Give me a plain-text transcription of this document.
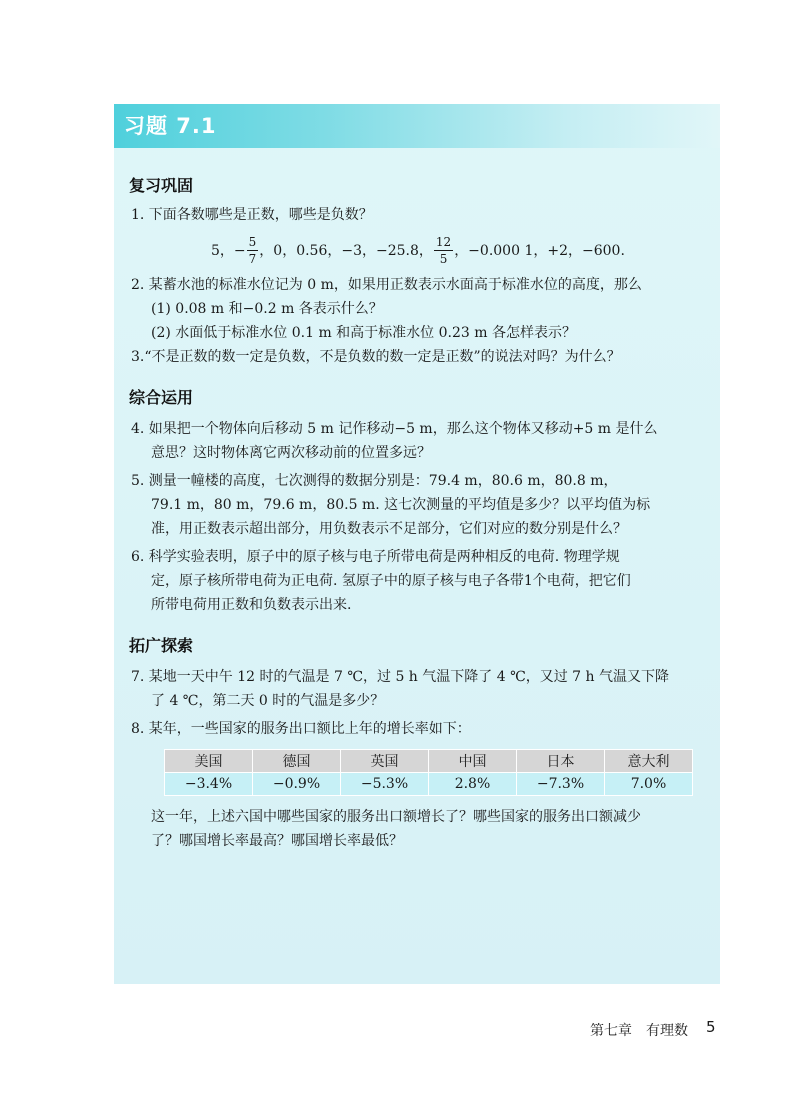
习题 7.1
复习巩固
1. 下面各数哪些是正数，哪些是负数？
5，− $\frac{5}{7}$ ，0，0.56，−3，−25.8， $\frac{12}{5}$ ，−0.000 1，+2，−600.
2. 某蓄水池的标准水位记为 0 m，如果用正数表示水面高于标准水位的高度，那么
(1) 0.08 m 和−0.2 m 各表示什么？
(2) 水面低于标准水位 0.1 m 和高于标准水位 0.23 m 各怎样表示？
3.“不是正数的数一定是负数，不是负数的数一定是正数”的说法对吗？为什么？
综合运用
4. 如果把一个物体向后移动 5 m 记作移动−5 m，那么这个物体又移动+5 m 是什么
意思？这时物体离它两次移动前的位置多远？
5. 测量一幢楼的高度，七次测得的数据分别是：79.4 m，80.6 m，80.8 m，
79.1 m，80 m，79.6 m，80.5 m. 这七次测量的平均值是多少？以平均值为标
准，用正数表示超出部分，用负数表示不足部分，它们对应的数分别是什么？
6. 科学实验表明，原子中的原子核与电子所带电荷是两种相反的电荷. 物理学规
定，原子核所带电荷为正电荷. 氢原子中的原子核与电子各带1个电荷，把它们
所带电荷用正数和负数表示出来.
拓广探索
7. 某地一天中午 12 时的气温是 7 ℃，过 5 h 气温下降了 4 ℃，又过 7 h 气温又下降
了 4 ℃，第二天 0 时的气温是多少？
8. 某年，一些国家的服务出口额比上年的增长率如下：
美国	德国	英国	中国	日本	意大利
−3.4%	−0.9%	−5.3%	2.8%	−7.3%	7.0%
这一年，上述六国中哪些国家的服务出口额增长了？哪些国家的服务出口额减少
了？哪国增长率最高？哪国增长率最低？
第七章　有理数 5
